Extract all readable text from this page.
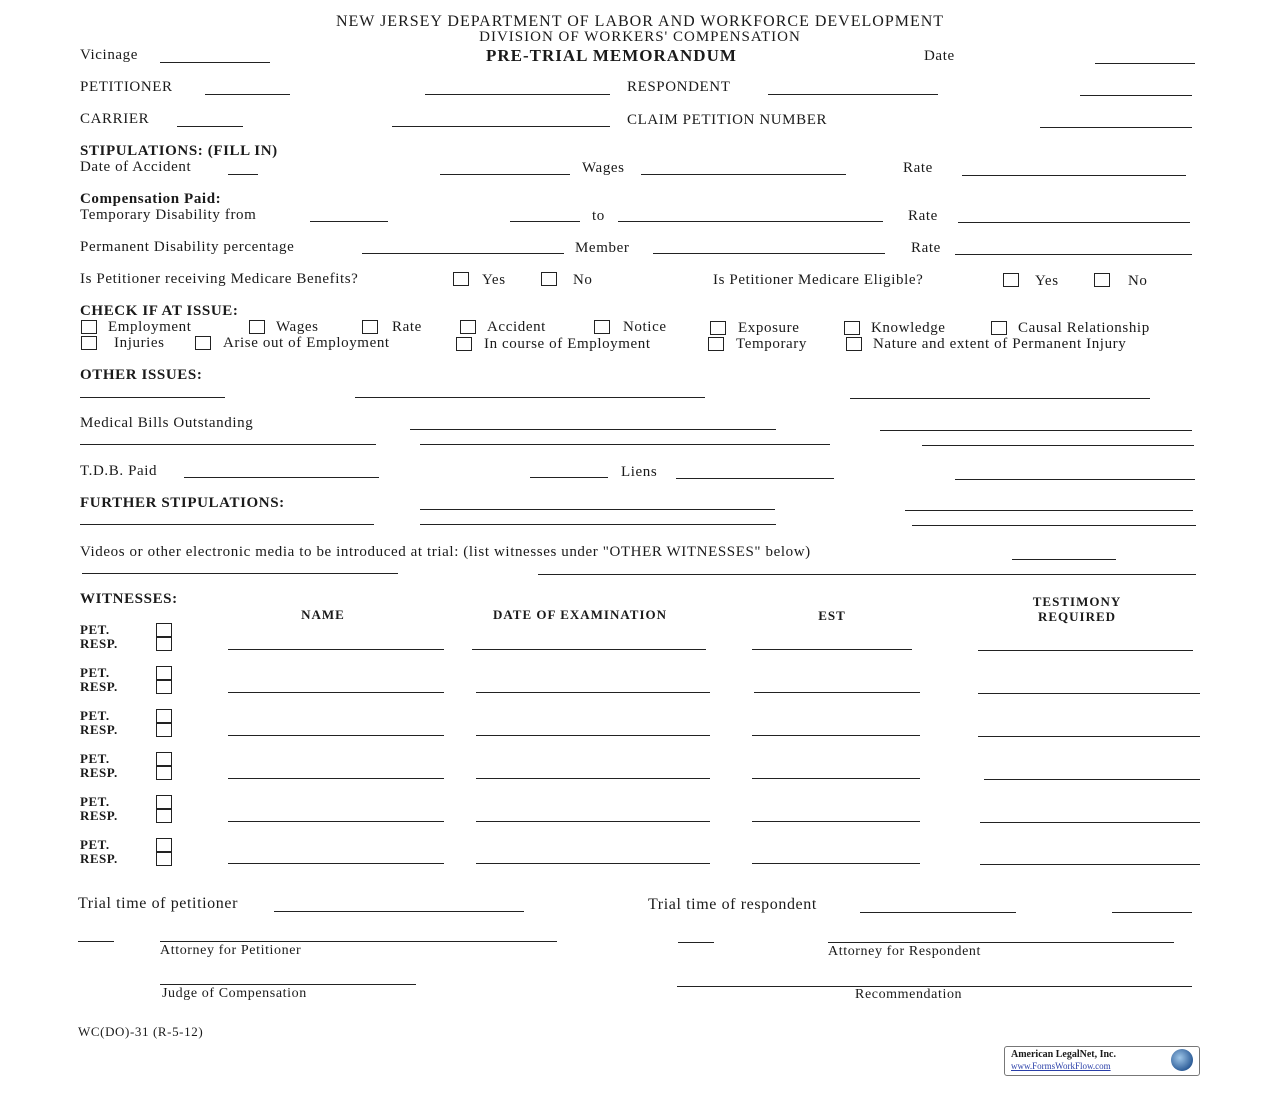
NEW JERSEY DEPARTMENT OF LABOR AND WORKFORCE DEVELOPMENT
DIVISION OF WORKERS' COMPENSATION
PRE-TRIAL MEMORANDUM
Vicinage	Date
PETITIONER	RESPONDENT
CARRIER	CLAIM PETITION NUMBER
STIPULATIONS: (FILL IN)
Date of Accident	Wages	Rate
Compensation Paid:
Temporary Disability from	to	Rate
Permanent Disability percentage	Member	Rate
Is Petitioner receiving Medicare Benefits?	Yes	No	Is Petitioner Medicare Eligible?	Yes	No
CHECK IF AT ISSUE:
Employment	Wages	Rate	Accident	Notice	Exposure	Knowledge	Causal Relationship
Injuries	Arise out of Employment	In course of Employment	Temporary	Nature and extent of Permanent Injury
OTHER ISSUES:
Medical Bills Outstanding
T.D.B. Paid	Liens
FURTHER STIPULATIONS:
Videos or other electronic media to be introduced at trial: (list witnesses under "OTHER WITNESSES" below)
WITNESSES:
NAME	DATE OF EXAMINATION	EST
TESTIMONY
REQUIRED
PET.
RESP.
PET.
RESP.
PET.
RESP.
PET.
RESP.
PET.
RESP.
PET.
RESP.
Trial time of petitioner	Trial time of respondent
Attorney for Petitioner	Attorney for Respondent
Judge of Compensation	Recommendation
WC(DO)-31 (R-5-12)
American LegalNet, Inc.
www.FormsWorkFlow.com
